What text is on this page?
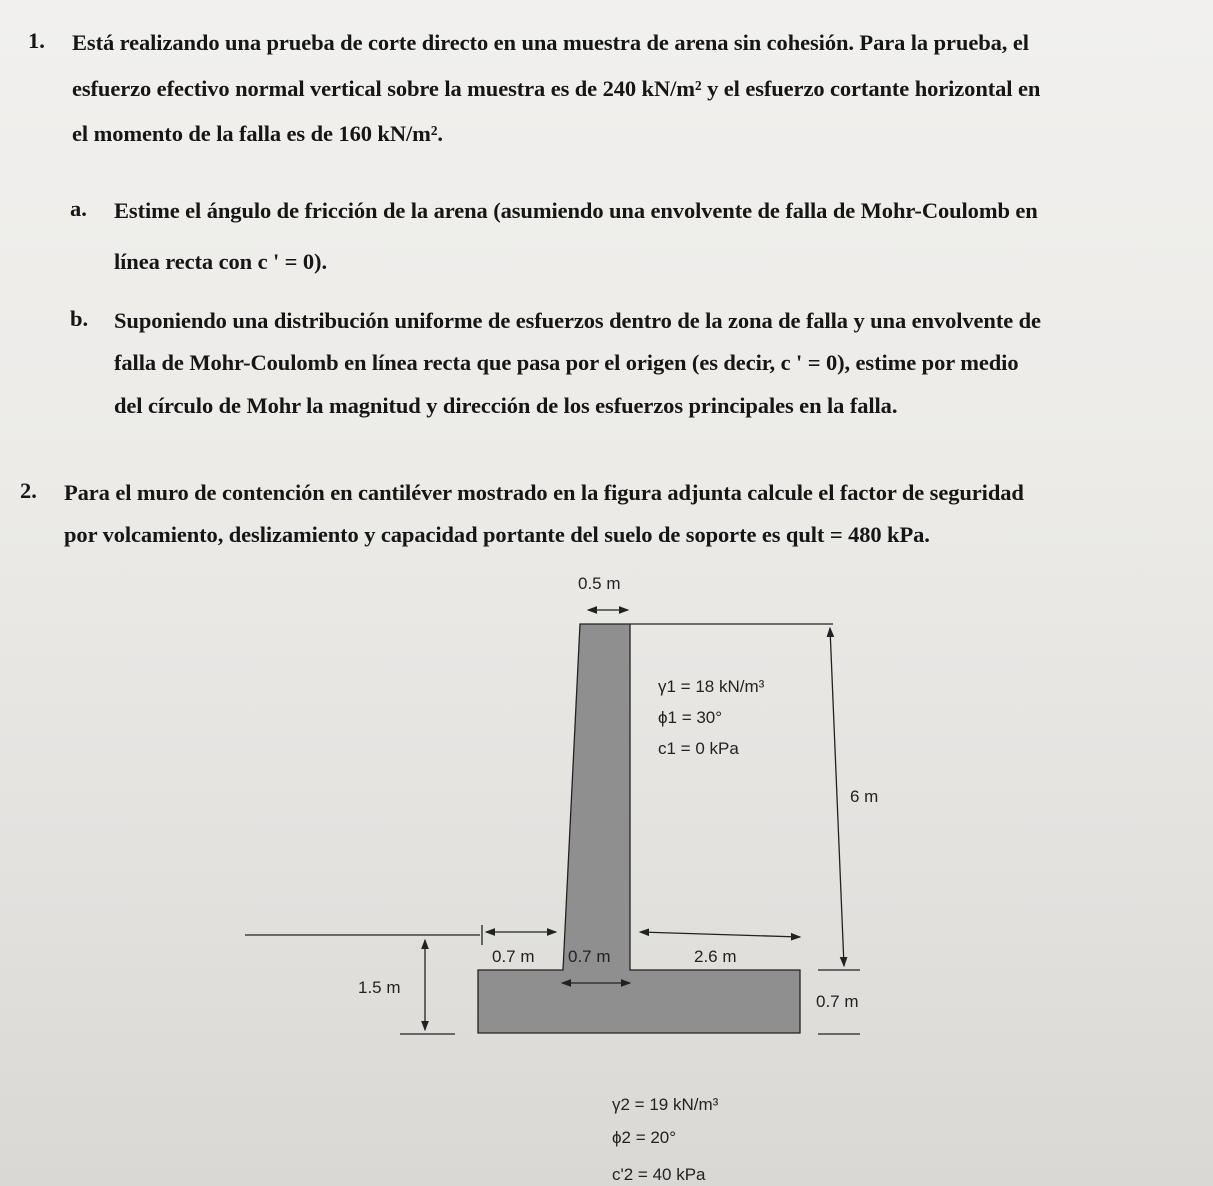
1. Está realizando una prueba de corte directo en una muestra de arena sin cohesión. Para la prueba, el
esfuerzo efectivo normal vertical sobre la muestra es de 240 kN/m² y el esfuerzo cortante horizontal en
el momento de la falla es de 160 kN/m².
a. Estime el ángulo de fricción de la arena (asumiendo una envolvente de falla de Mohr-Coulomb en
línea recta con c ' = 0).
b. Suponiendo una distribución uniforme de esfuerzos dentro de la zona de falla y una envolvente de
falla de Mohr-Coulomb en línea recta que pasa por el origen (es decir, c ' = 0), estime por medio
del círculo de Mohr la magnitud y dirección de los esfuerzos principales en la falla.
2. Para el muro de contención en cantiléver mostrado en la figura adjunta calcule el factor de seguridad
por volcamiento, deslizamiento y capacidad portante del suelo de soporte es qult = 480 kPa.
0.5 m
6 m
0.7 m 0.7 m	2.6 m
1.5 m
0.7 m
γ1 = 18 kN/m³
ϕ1 = 30°
c1 = 0 kPa
γ2 = 19 kN/m³
ϕ2 = 20°
c'2 = 40 kPa
